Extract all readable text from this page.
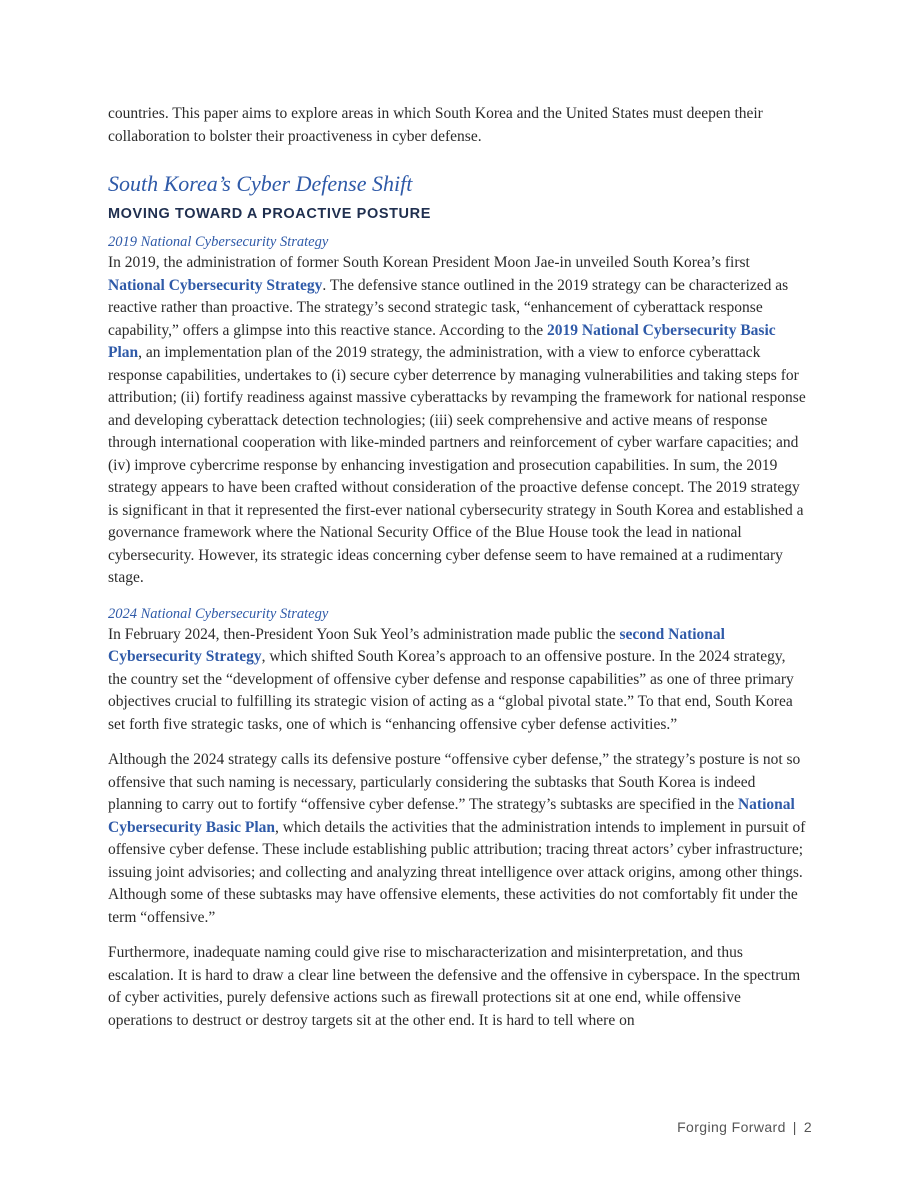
countries. This paper aims to explore areas in which South Korea and the United States must deepen their collaboration to bolster their proactiveness in cyber defense.

South Korea’s Cyber Defense Shift
MOVING TOWARD A PROACTIVE POSTURE
2019 National Cybersecurity Strategy

In 2019, the administration of former South Korean President Moon Jae-in unveiled South Korea’s first National Cybersecurity Strategy. The defensive stance outlined in the 2019 strategy can be characterized as reactive rather than proactive. The strategy’s second strategic task, “enhancement of cyberattack response capability,” offers a glimpse into this reactive stance. According to the 2019 National Cybersecurity Basic Plan, an implementation plan of the 2019 strategy, the administration, with a view to enforce cyberattack response capabilities, undertakes to (i) secure cyber deterrence by managing vulnerabilities and taking steps for attribution; (ii) fortify readiness against massive cyberattacks by revamping the framework for national response and developing cyberattack detection technologies; (iii) seek comprehensive and active means of response through international cooperation with like-minded partners and reinforcement of cyber warfare capacities; and (iv) improve cybercrime response by enhancing investigation and prosecution capabilities. In sum, the 2019 strategy appears to have been crafted without consideration of the proactive defense concept. The 2019 strategy is significant in that it represented the first-ever national cybersecurity strategy in South Korea and established a governance framework where the National Security Office of the Blue House took the lead in national cybersecurity. However, its strategic ideas concerning cyber defense seem to have remained at a rudimentary stage.

2024 National Cybersecurity Strategy

In February 2024, then-President Yoon Suk Yeol’s administration made public the second National Cybersecurity Strategy, which shifted South Korea’s approach to an offensive posture. In the 2024 strategy, the country set the “development of offensive cyber defense and response capabilities” as one of three primary objectives crucial to fulfilling its strategic vision of acting as a “global pivotal state.” To that end, South Korea set forth five strategic tasks, one of which is “enhancing offensive cyber defense activities.”

Although the 2024 strategy calls its defensive posture “offensive cyber defense,” the strategy’s posture is not so offensive that such naming is necessary, particularly considering the subtasks that South Korea is indeed planning to carry out to fortify “offensive cyber defense.” The strategy’s subtasks are specified in the National Cybersecurity Basic Plan, which details the activities that the administration intends to implement in pursuit of offensive cyber defense. These include establishing public attribution; tracing threat actors’ cyber infrastructure; issuing joint advisories; and collecting and analyzing threat intelligence over attack origins, among other things. Although some of these subtasks may have offensive elements, these activities do not comfortably fit under the term “offensive.”

Furthermore, inadequate naming could give rise to mischaracterization and misinterpretation, and thus escalation. It is hard to draw a clear line between the defensive and the offensive in cyberspace. In the spectrum of cyber activities, purely defensive actions such as firewall protections sit at one end, while offensive operations to destruct or destroy targets sit at the other end. It is hard to tell where on

Forging Forward | 2
